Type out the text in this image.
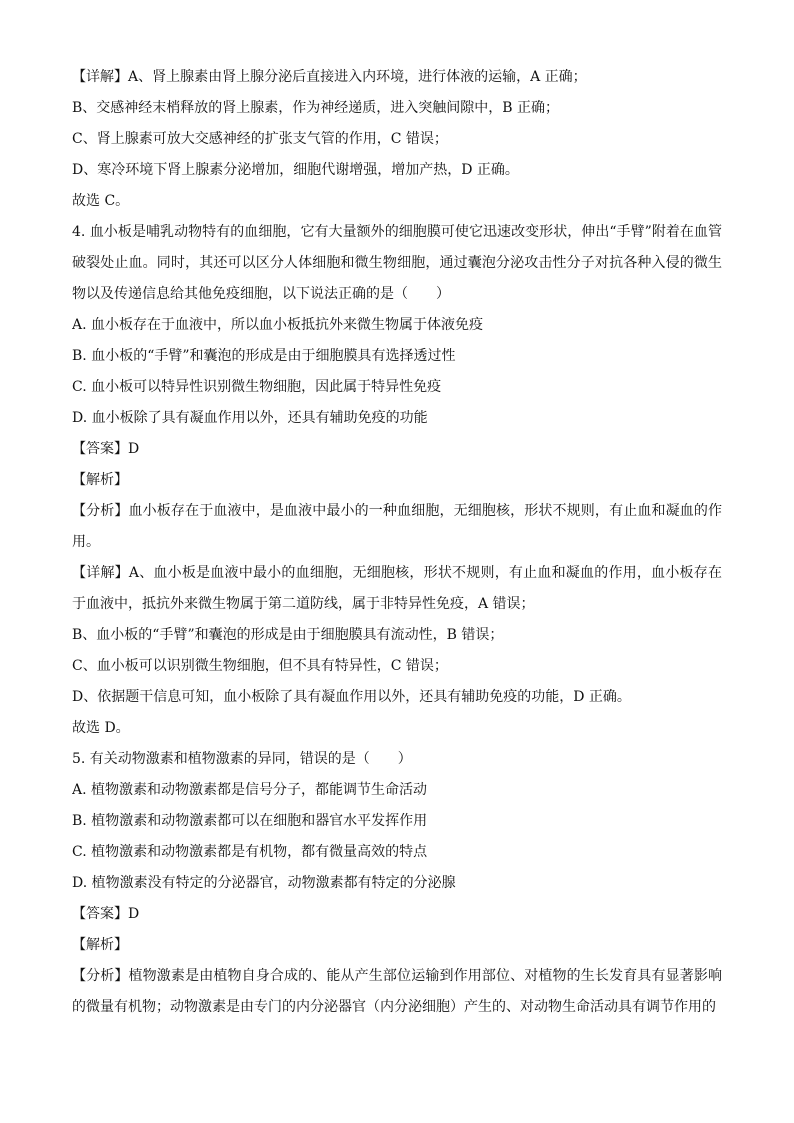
【详解】A、肾上腺素由肾上腺分泌后直接进入内环境，进行体液的运输，A 正确；
B、交感神经末梢释放的肾上腺素，作为神经递质，进入突触间隙中，B 正确；
C、肾上腺素可放大交感神经的扩张支气管的作用，C 错误；
D、寒冷环境下肾上腺素分泌增加，细胞代谢增强，增加产热，D 正确。
故选 C。
4. 血小板是哺乳动物特有的血细胞，它有大量额外的细胞膜可使它迅速改变形状，伸出“手臂”附着在血管破裂处止血。同时，其还可以区分人体细胞和微生物细胞，通过囊泡分泌攻击性分子对抗各种入侵的微生物以及传递信息给其他免疫细胞，以下说法正确的是（　　）
A. 血小板存在于血液中，所以血小板抵抗外来微生物属于体液免疫
B. 血小板的“手臂”和囊泡的形成是由于细胞膜具有选择透过性
C. 血小板可以特异性识别微生物细胞，因此属于特异性免疫
D. 血小板除了具有凝血作用以外，还具有辅助免疫的功能
【答案】D
【解析】
【分析】血小板存在于血液中，是血液中最小的一种血细胞，无细胞核，形状不规则，有止血和凝血的作用。
【详解】A、血小板是血液中最小的血细胞，无细胞核，形状不规则，有止血和凝血的作用，血小板存在于血液中，抵抗外来微生物属于第二道防线，属于非特异性免疫，A 错误；
B、血小板的“手臂”和囊泡的形成是由于细胞膜具有流动性，B 错误；
C、血小板可以识别微生物细胞，但不具有特异性，C 错误；
D、依据题干信息可知，血小板除了具有凝血作用以外，还具有辅助免疫的功能，D 正确。
故选 D。
5. 有关动物激素和植物激素的异同，错误的是（　　）
A. 植物激素和动物激素都是信号分子，都能调节生命活动
B. 植物激素和动物激素都可以在细胞和器官水平发挥作用
C. 植物激素和动物激素都是有机物，都有微量高效的特点
D. 植物激素没有特定的分泌器官，动物激素都有特定的分泌腺
【答案】D
【解析】
【分析】植物激素是由植物自身合成的、能从产生部位运输到作用部位、对植物的生长发育具有显著影响的微量有机物；动物激素是由专门的内分泌器官（内分泌细胞）产生的、对动物生命活动具有调节作用的
